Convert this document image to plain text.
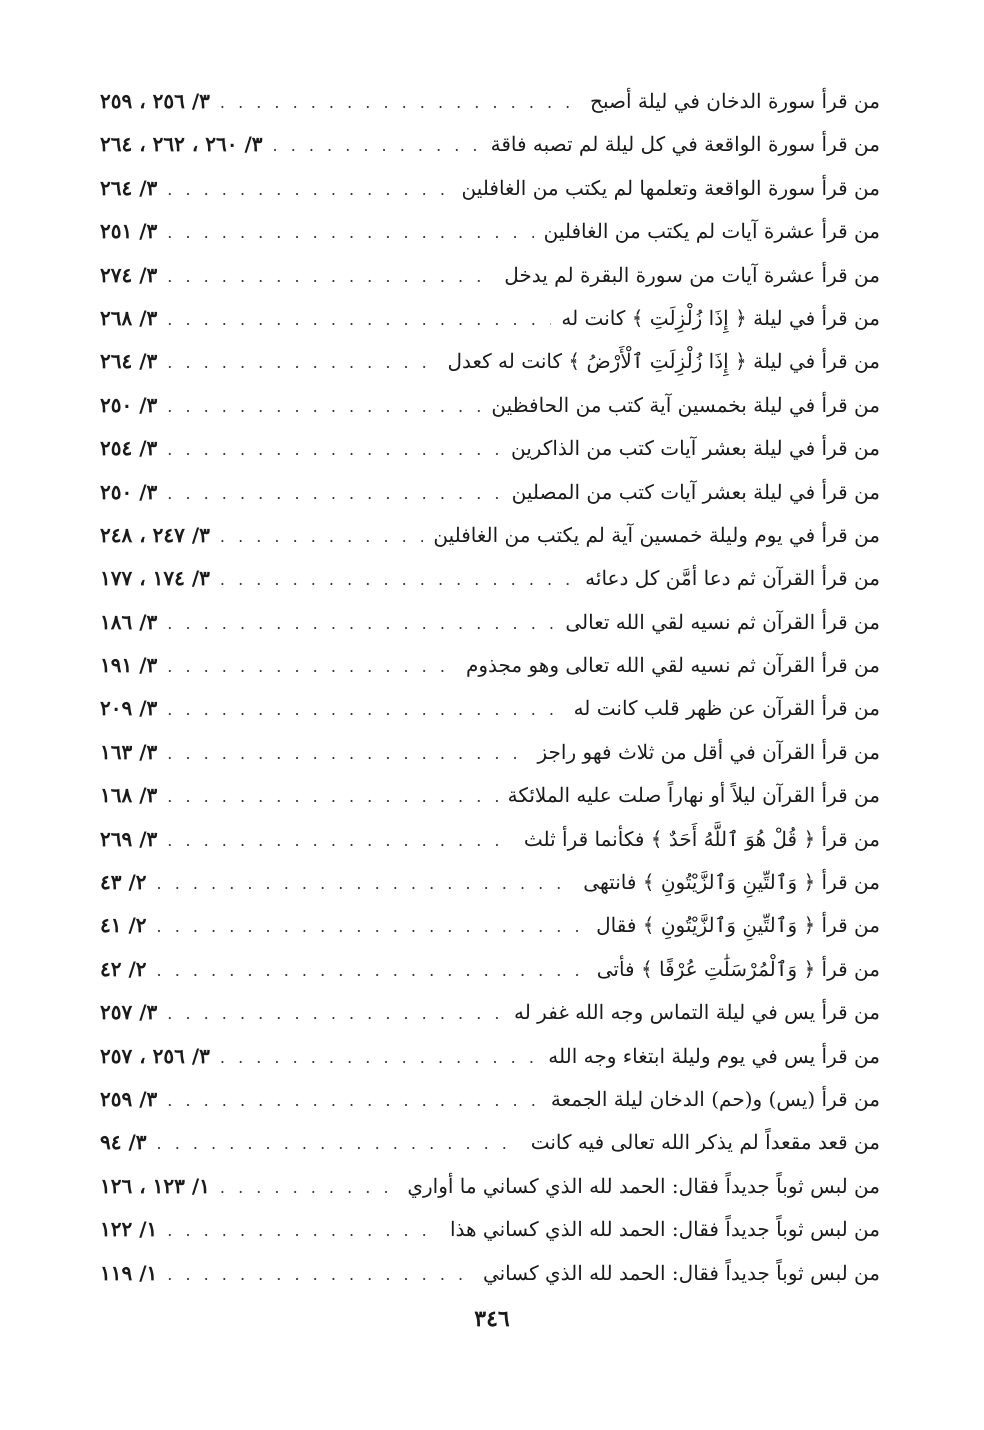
من قرأ سورة الدخان في ليلة أصبح
. . .
٣/ ٢٥٦ ، ٢٥٩
من قرأ سورة الواقعة في كل ليلة لم تصبه فاقة
. . .
٣/ ٢٦٠ ، ٢٦٢ ، ٢٦٤
من قرأ سورة الواقعة وتعلمها لم يكتب من الغافلين
. . .
٣/ ٢٦٤
من قرأ عشرة آيات لم يكتب من الغافلين
. . .
٣/ ٢٥١
من قرأ عشرة آيات من سورة البقرة لم يدخل
. . .
٣/ ٢٧٤
من قرأ في ليلة ﴿ إِذَا زُلْزِلَتِ ﴾ كانت له
. . .
٣/ ٢٦٨
من قرأ في ليلة ﴿ إِذَا زُلْزِلَتِ ٱلْأَرْضُ ﴾ كانت له كعدل
. . .
٣/ ٢٦٤
من قرأ في ليلة بخمسين آية كتب من الحافظين
. . .
٣/ ٢٥٠
من قرأ في ليلة بعشر آيات كتب من الذاكرين
. . .
٣/ ٢٥٤
من قرأ في ليلة بعشر آيات كتب من المصلين
. . .
٣/ ٢٥٠
من قرأ في يوم وليلة خمسين آية لم يكتب من الغافلين
. . .
٣/ ٢٤٧ ، ٢٤٨
من قرأ القرآن ثم دعا أمَّن كل دعائه
. . .
٣/ ١٧٤ ، ١٧٧
من قرأ القرآن ثم نسيه لقي الله تعالى
. . .
٣/ ١٨٦
من قرأ القرآن ثم نسيه لقي الله تعالى وهو مجذوم
. . .
٣/ ١٩١
من قرأ القرآن عن ظهر قلب كانت له
. . .
٣/ ٢٠٩
من قرأ القرآن في أقل من ثلاث فهو راجز
. . .
٣/ ١٦٣
من قرأ القرآن ليلاً أو نهاراً صلت عليه الملائكة
. . .
٣/ ١٦٨
من قرأ ﴿ قُلْ هُوَ ٱللَّهُ أَحَدٌ ﴾ فكأنما قرأ ثلث
. . .
٣/ ٢٦٩
من قرأ ﴿ وَٱلتِّينِ وَٱلزَّيْتُونِ ﴾ فانتهى
. . .
٢/ ٤٣
من قرأ ﴿ وَٱلتِّينِ وَٱلزَّيْتُونِ ﴾ فقال
. . .
٢/ ٤١
من قرأ ﴿ وَٱلْمُرْسَلَٰتِ عُرْفًا ﴾ فأتى
. . .
٢/ ٤٢
من قرأ يس في ليلة التماس وجه الله غفر له
. . .
٣/ ٢٥٧
من قرأ يس في يوم وليلة ابتغاء وجه الله
. . .
٣/ ٢٥٦ ، ٢٥٧
من قرأ (يس) و(حم) الدخان ليلة الجمعة
. . .
٣/ ٢٥٩
من قعد مقعداً لم يذكر الله تعالى فيه كانت
. . .
٣/ ٩٤
من لبس ثوباً جديداً فقال: الحمد لله الذي كساني ما أواري
. . .
١/ ١٢٣ ، ١٢٦
من لبس ثوباً جديداً فقال: الحمد لله الذي كساني هذا
. . .
١/ ١٢٢
من لبس ثوباً جديداً فقال: الحمد لله الذي كساني
. . .
١/ ١١٩
٣٤٦
